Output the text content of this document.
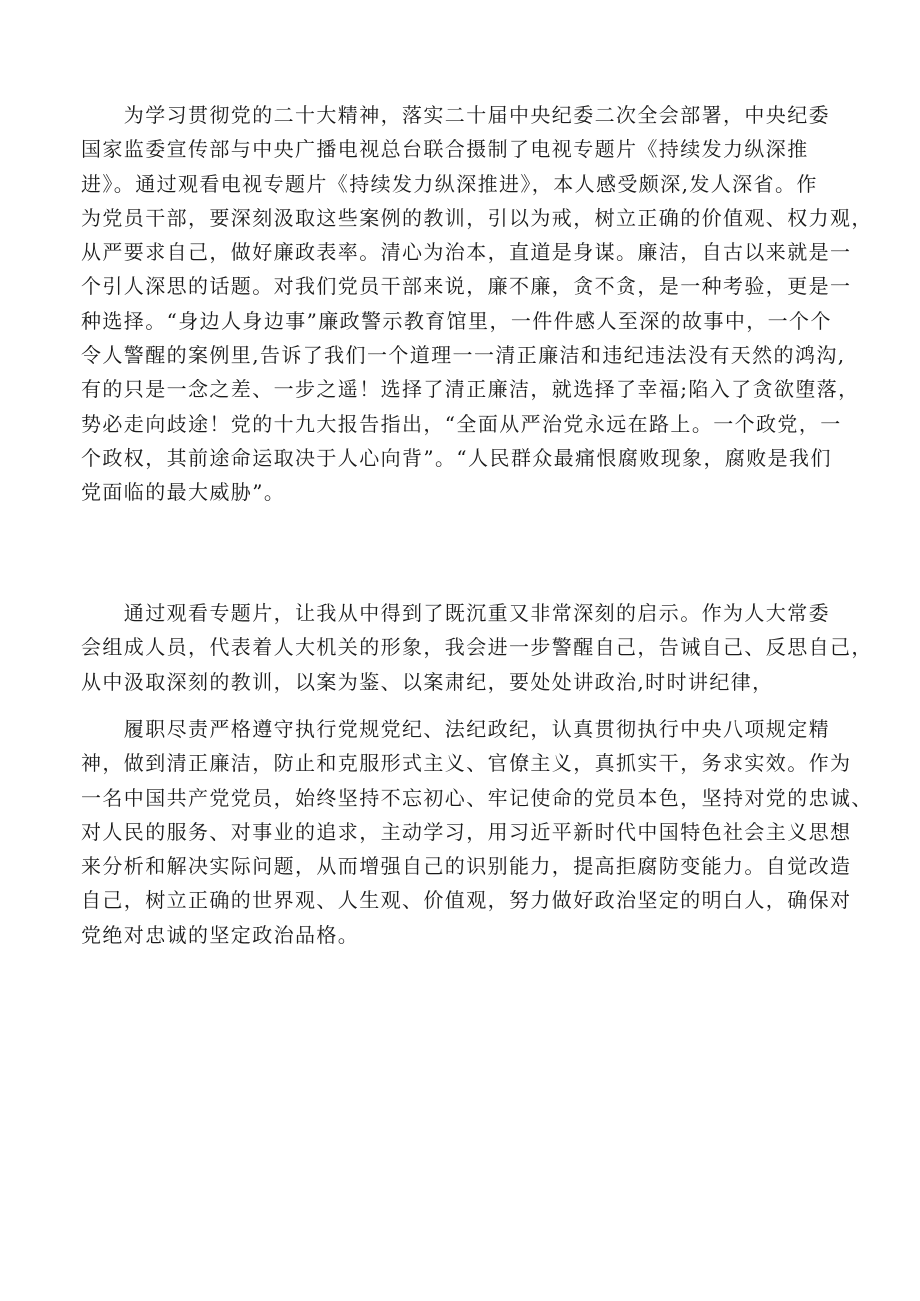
　　为学习贯彻党的二十大精神，落实二十届中央纪委二次全会部署，中央纪委
国家监委宣传部与中央广播电视总台联合摄制了电视专题片《持续发力纵深推
进》。通过观看电视专题片《持续发力纵深推进》，本人感受颇深,发人深省。作
为党员干部，要深刻汲取这些案例的教训，引以为戒，树立正确的价值观、权力观，
从严要求自己，做好廉政表率。清心为治本，直道是身谋。廉洁，自古以来就是一
个引人深思的话题。对我们党员干部来说，廉不廉，贪不贪，是一种考验，更是一
种选择。“身边人身边事”廉政警示教育馆里，一件件感人至深的故事中，一个个
令人警醒的案例里,告诉了我们一个道理一一清正廉洁和违纪违法没有天然的鸿沟,
有的只是一念之差、一步之遥！选择了清正廉洁，就选择了幸福;陷入了贪欲堕落，
势必走向歧途！党的十九大报告指出，“全面从严治党永远在路上。一个政党，一
个政权，其前途命运取决于人心向背”。“人民群众最痛恨腐败现象，腐败是我们
党面临的最大威胁”。
　　通过观看专题片，让我从中得到了既沉重又非常深刻的启示。作为人大常委
会组成人员，代表着人大机关的形象，我会进一步警醒自己，告诫自己、反思自己，
从中汲取深刻的教训，以案为鉴、以案肃纪，要处处讲政治,时时讲纪律，
　　履职尽责严格遵守执行党规党纪、法纪政纪，认真贯彻执行中央八项规定精
神，做到清正廉洁，防止和克服形式主义、官僚主义，真抓实干，务求实效。作为
一名中国共产党党员，始终坚持不忘初心、牢记使命的党员本色，坚持对党的忠诚、
对人民的服务、对事业的追求，主动学习，用习近平新时代中国特色社会主义思想
来分析和解决实际问题，从而增强自己的识别能力，提高拒腐防变能力。自觉改造
自己，树立正确的世界观、人生观、价值观，努力做好政治坚定的明白人，确保对
党绝对忠诚的坚定政治品格。
